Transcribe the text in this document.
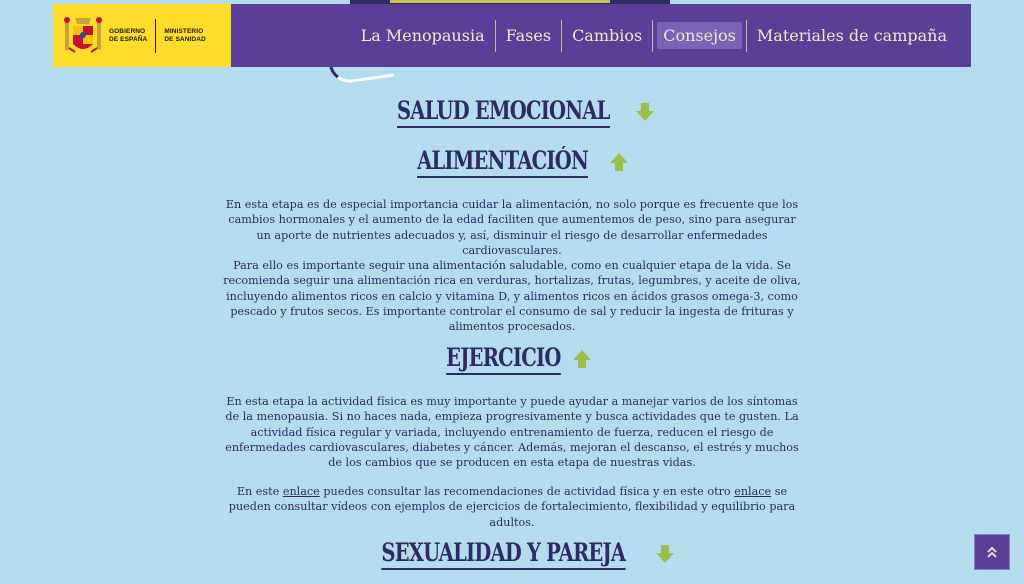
GOBIERNO
DE ESPAÑA
MINISTERIO
DE SANIDAD	La Menopausia	Fases	Cambios	Consejos	Materiales de campaña
SALUD EMOCIONAL
ALIMENTACIÓN

En esta etapa es de especial importancia cuidar la alimentación, no solo porque es frecuente que los cambios hormonales y el aumento de la edad faciliten que aumentemos de peso, sino para asegurar un aporte de nutrientes adecuados y, así, disminuir el riesgo de desarrollar enfermedades cardiovasculares.

Para ello es importante seguir una alimentación saludable, como en cualquier etapa de la vida. Se recomienda seguir una alimentación rica en verduras, hortalizas, frutas, legumbres, y aceite de oliva, incluyendo alimentos ricos en calcio y vitamina D, y alimentos ricos en ácidos grasos omega-3, como pescado y frutos secos. Es importante controlar el consumo de sal y reducir la ingesta de frituras y alimentos procesados.

EJERCICIO

En esta etapa la actividad física es muy importante y puede ayudar a manejar varios de los síntomas de la menopausia. Si no haces nada, empieza progresivamente y busca actividades que te gusten. La actividad física regular y variada, incluyendo entrenamiento de fuerza, reducen el riesgo de enfermedades cardiovasculares, diabetes y cáncer. Además, mejoran el descanso, el estrés y muchos de los cambios que se producen en esta etapa de nuestras vidas.

En este enlace puedes consultar las recomendaciones de actividad física y en este otro enlace se pueden consultar vídeos con ejemplos de ejercicios de fortalecimiento, flexibilidad y equilibrio para adultos.

SEXUALIDAD Y PAREJA
